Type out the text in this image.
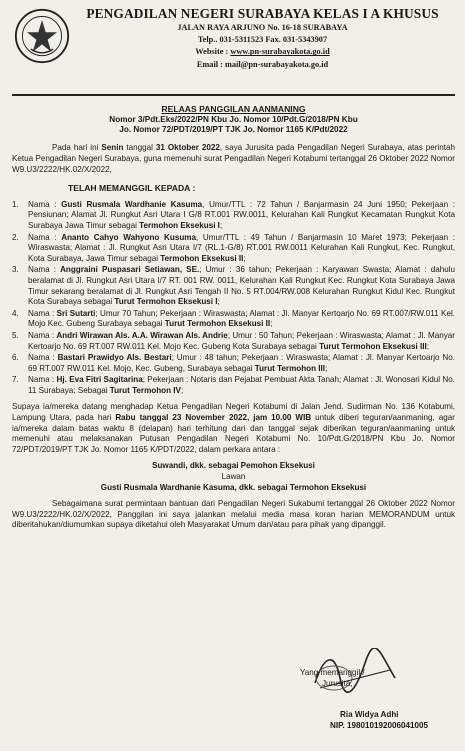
PENGADILAN NEGERI SURABAYA KELAS I A KHUSUS
JALAN RAYA ARJUNO No. 16-18 SURABAYA
Telp.. 031-5311523 Fax. 031-5343907
Website : www.pn-surabayakota.go.id
Email : mail@pn-surabayakota.go.id
RELAAS PANGGILAN AANMANING
Nomor 3/Pdt.Eks/2022/PN Kbu Jo. Nomor 10/Pdt.G/2018/PN Kbu
Jo. Nomor 72/PDT/2019/PT TJK Jo. Nomor 1165 K/Pdt/2022

Pada hari ini Senin tanggal 31 Oktober 2022, saya Jurusita pada Pengadilan Negeri Surabaya, atas perintah Ketua Pengadilan Negeri Surabaya, guna memenuhi surat Pengadilan Negeri Kotabumi tertanggal 26 Oktober 2022 Nomor W9.U3/2222/HK.02/X/2022,

TELAH MEMANGGIL KEPADA :
1.	Nama : Gusti Rusmala Wardhanie Kasuma, Umur/TTL : 72 Tahun / Banjarmasin 24 Juni 1950; Pekerjaan : Pensiunan; Alamat Jl. Rungkut Asri Utara I G/8 RT.001 RW.0011, Kelurahan Kali Rungkut Kecamatan Rungkut Kota Surabaya Jawa Timur sebagai Termohon Eksekusi I;
2.	Nama : Ananto Cahyo Wahyono Kusuma, Umur/TTL : 49 Tahun / Banjarmasin 10 Maret 1973; Pekerjaan : Wiraswasta; Alamat : Jl. Rungkut Asri Utara I/7 (RL.1-G/8) RT.001 RW.0011 Kelurahan Kali Rungkut, Kec. Rungkut, Kota Surabaya, Jawa Timur sebagai Termohon Eksekusi II;
3.	Nama : Anggraini Puspasari Setiawan, SE.; Umur : 36 tahun; Pekerjaan : Karyawan Swasta; Alamat : dahulu beralamat di Jl. Rungkut Asri Utara I/7 RT. 001 RW. 0011, Kelurahan Kali Rungkut Kec. Rungkut Kota Surabaya Jawa Timur sekarang beralamat di Jl. Rungkut Asri Tengah II No. 5 RT.004/RW.008 Kelurahan Rungkut Kidul Kec. Rungkut Kota Surabaya sebagai Turut Termohon Eksekusi I;
4.	Nama : Sri Sutarti; Umur 70 Tahun; Pekerjaan : Wiraswasta; Alamat : Jl. Manyar Kertoarjo No. 69 RT.007/RW.011 Kel. Mojo Kec. Gubeng Surabaya sebagai Turut Termohon Eksekusi II;
5.	Nama : Andri Wirawan Als. A.A. Wirawan Als. Andrie; Umur : 50 Tahun; Pekerjaan : Wiraswasta; Alamat : Jl. Manyar Kertoarjo No. 69 RT.007 RW.011 Kel. Mojo Kec. Gubeng Kota Surabaya sebagai Turut Termohon Eksekusi III;
6.	Nama : Bastari Prawidyo Als. Bestari; Umur : 48 tahun; Pekerjaan : Wiraswasta; Alamat : Jl. Manyar Kertoarjo No. 69 RT.007 RW.011 Kel. Mojo, Kec. Gubeng, Surabaya sebagai Turut Termohon III;
7.	Nama : Hj. Eva Fitri Sagitarina; Pekerjaan : Notaris dan Pejabat Pembuat Akta Tanah; Alamat : Jl. Wonosari Kidul No. 11 Surabaya; Sebagai Turut Termohon IV;

Supaya ia/mereka datang menghadap Ketua Pengadilan Negeri Kotabumi di Jalan Jend. Sudirman No. 136 Kotabumi, Lampung Utara, pada hari Rabu tanggal 23 November 2022, jam 10.00 WIB untuk diberi teguran/aanmaning, agar ia/mereka dalam batas waktu 8 (delapan) hari terhitung dari dan tanggal sejak diberikan teguran/aanmaning untuk memenuhi atau melaksanakan Putusan Pengadilan Negeri Kotabumi No. 10/Pdt.G/2018/PN Kbu Jo. Nomor 72/PDT/2019/PT TJK Jo. Nomor 1165 K/PDT/2022, dalam perkara antara :

Suwandi, dkk. sebagai Pemohon Eksekusi
Lawan
Gusti Rusmala Wardhanie Kasuma, dkk. sebagai Termohon Eksekusi

Sebagaimana surat permintaan bantuan dari Pengadilan Negeri Sukabumi tertanggal 26 Oktober 2022 Nomor W9.U3/2222/HK.02/X/2022, Panggilan ini saya jalankan melalui media masa koran harian MEMORANDUM untuk diberitahukan/diumumkan supaya diketahui oleh Masyarakat Umum dan/atau para pihak yang dipanggil.

Yang memanggil /
Jurusita,
Ria Widya Adhi
NIP. 198010192006041005
